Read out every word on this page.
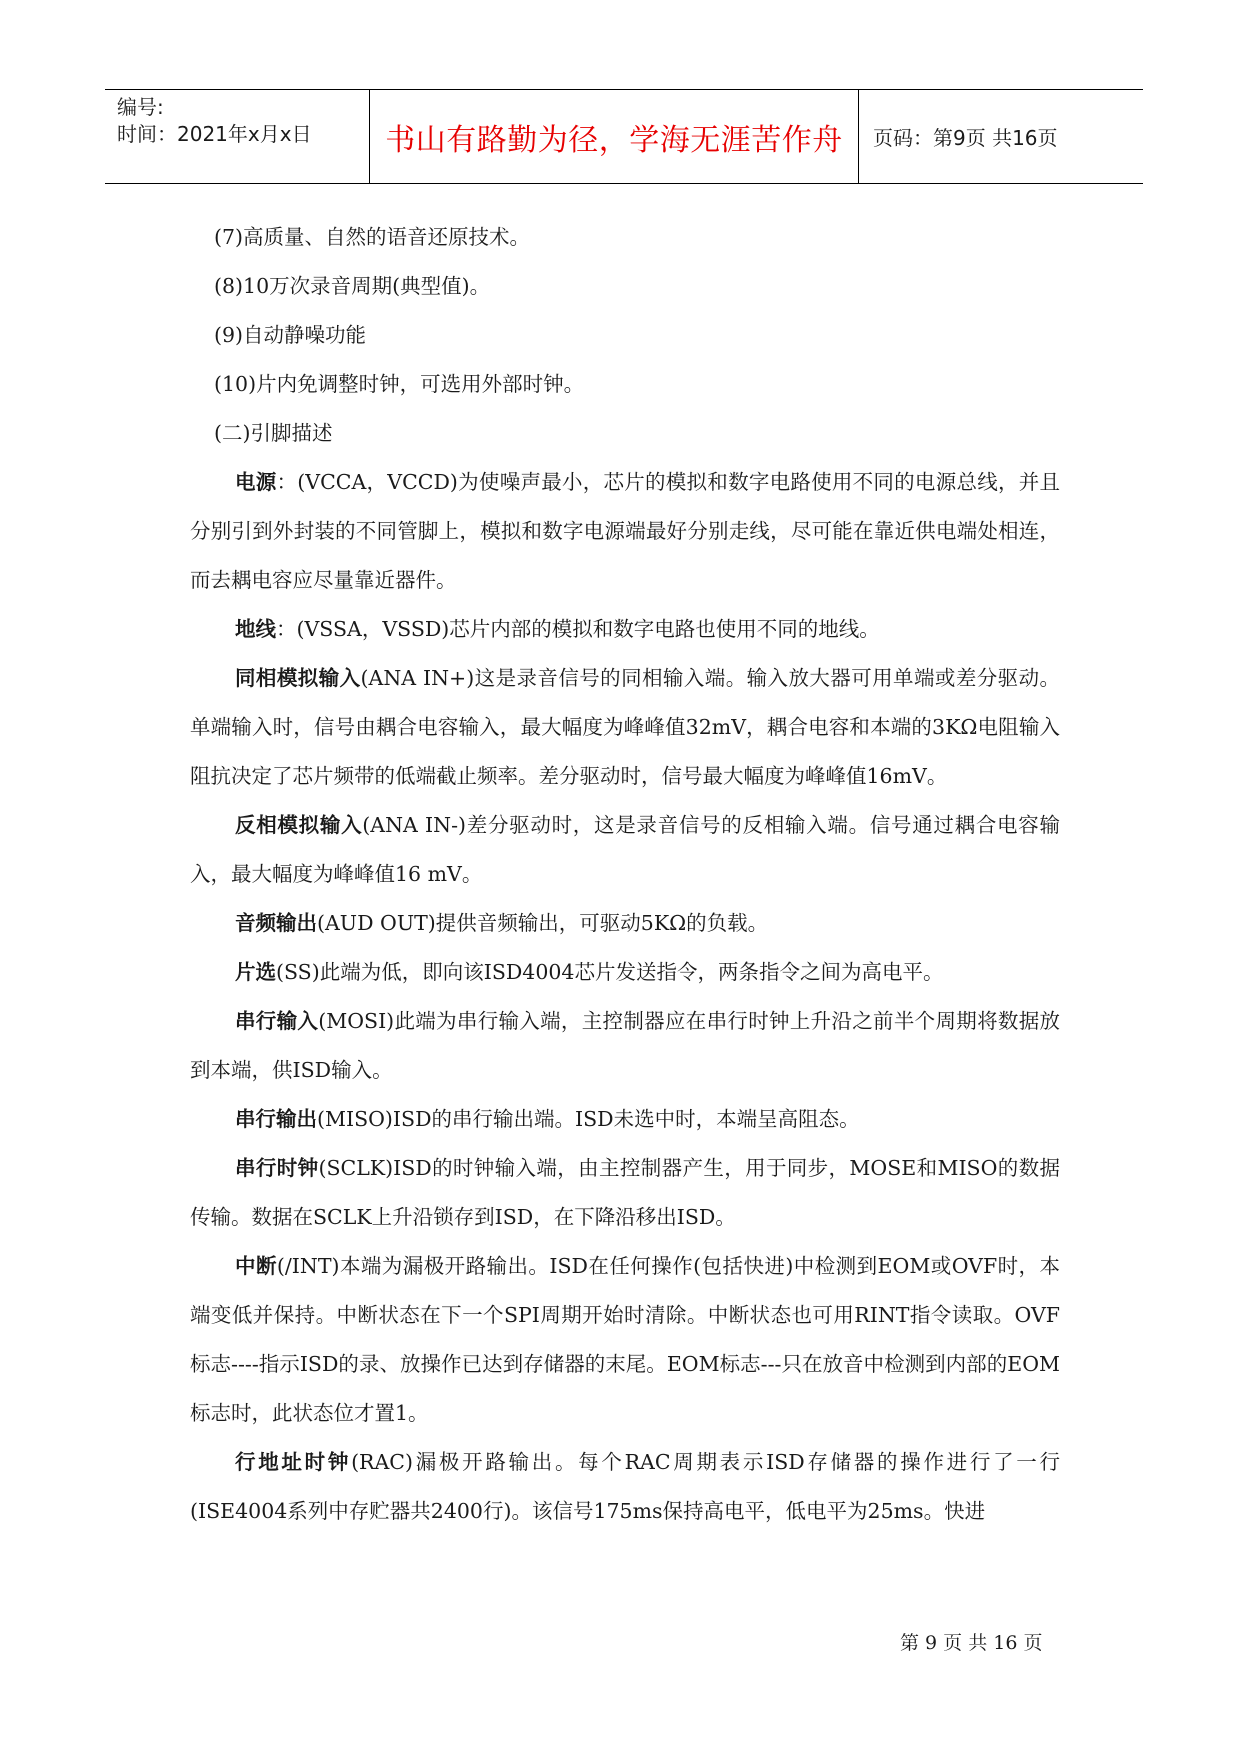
编号:
时间：2021年x月x日	书山有路勤为径，学海无涯苦作舟 页码：第9页 共16页
(7)高质量、自然的语音还原技术。
(8)10万次录音周期(典型值)。
(9)自动静噪功能
(10)片内免调整时钟，可选用外部时钟。
(二)引脚描述

电源：(VCCA，VCCD)为使噪声最小，芯片的模拟和数字电路使用不同的电源总线，并且分别引到外封装的不同管脚上，模拟和数字电源端最好分别走线，尽可能在靠近供电端处相连，而去耦电容应尽量靠近器件。

地线：(VSSA，VSSD)芯片内部的模拟和数字电路也使用不同的地线。

同相模拟输入(ANA IN+)这是录音信号的同相输入端。输入放大器可用单端或差分驱动。单端输入时，信号由耦合电容输入，最大幅度为峰峰值32mV，耦合电容和本端的3KΩ电阻输入阻抗决定了芯片频带的低端截止频率。差分驱动时，信号最大幅度为峰峰值16mV。

反相模拟输入(ANA IN-)差分驱动时，这是录音信号的反相输入端。信号通过耦合电容输入，最大幅度为峰峰值16 mV。

音频输出(AUD OUT)提供音频输出，可驱动5KΩ的负载。

片选(SS)此端为低，即向该ISD4004芯片发送指令，两条指令之间为高电平。

串行输入(MOSI)此端为串行输入端，主控制器应在串行时钟上升沿之前半个周期将数据放到本端，供ISD输入。

串行输出(MISO)ISD的串行输出端。ISD未选中时，本端呈高阻态。

串行时钟(SCLK)ISD的时钟输入端，由主控制器产生，用于同步，MOSE和MISO的数据传输。数据在SCLK上升沿锁存到ISD，在下降沿移出ISD。

中断(/INT)本端为漏极开路输出。ISD在任何操作(包括快进)中检测到EOM或OVF时，本端变低并保持。中断状态在下一个SPI周期开始时清除。中断状态也可用RINT指令读取。OVF标志----指示ISD的录、放操作已达到存储器的末尾。EOM标志---只在放音中检测到内部的EOM标志时，此状态位才置1。

行地址时钟(RAC)漏极开路输出。每个RAC周期表示ISD存储器的操作进行了一行(ISE4004系列中存贮器共2400行)。该信号175ms保持高电平，低电平为25ms。快进

第 9 页 共 16 页
